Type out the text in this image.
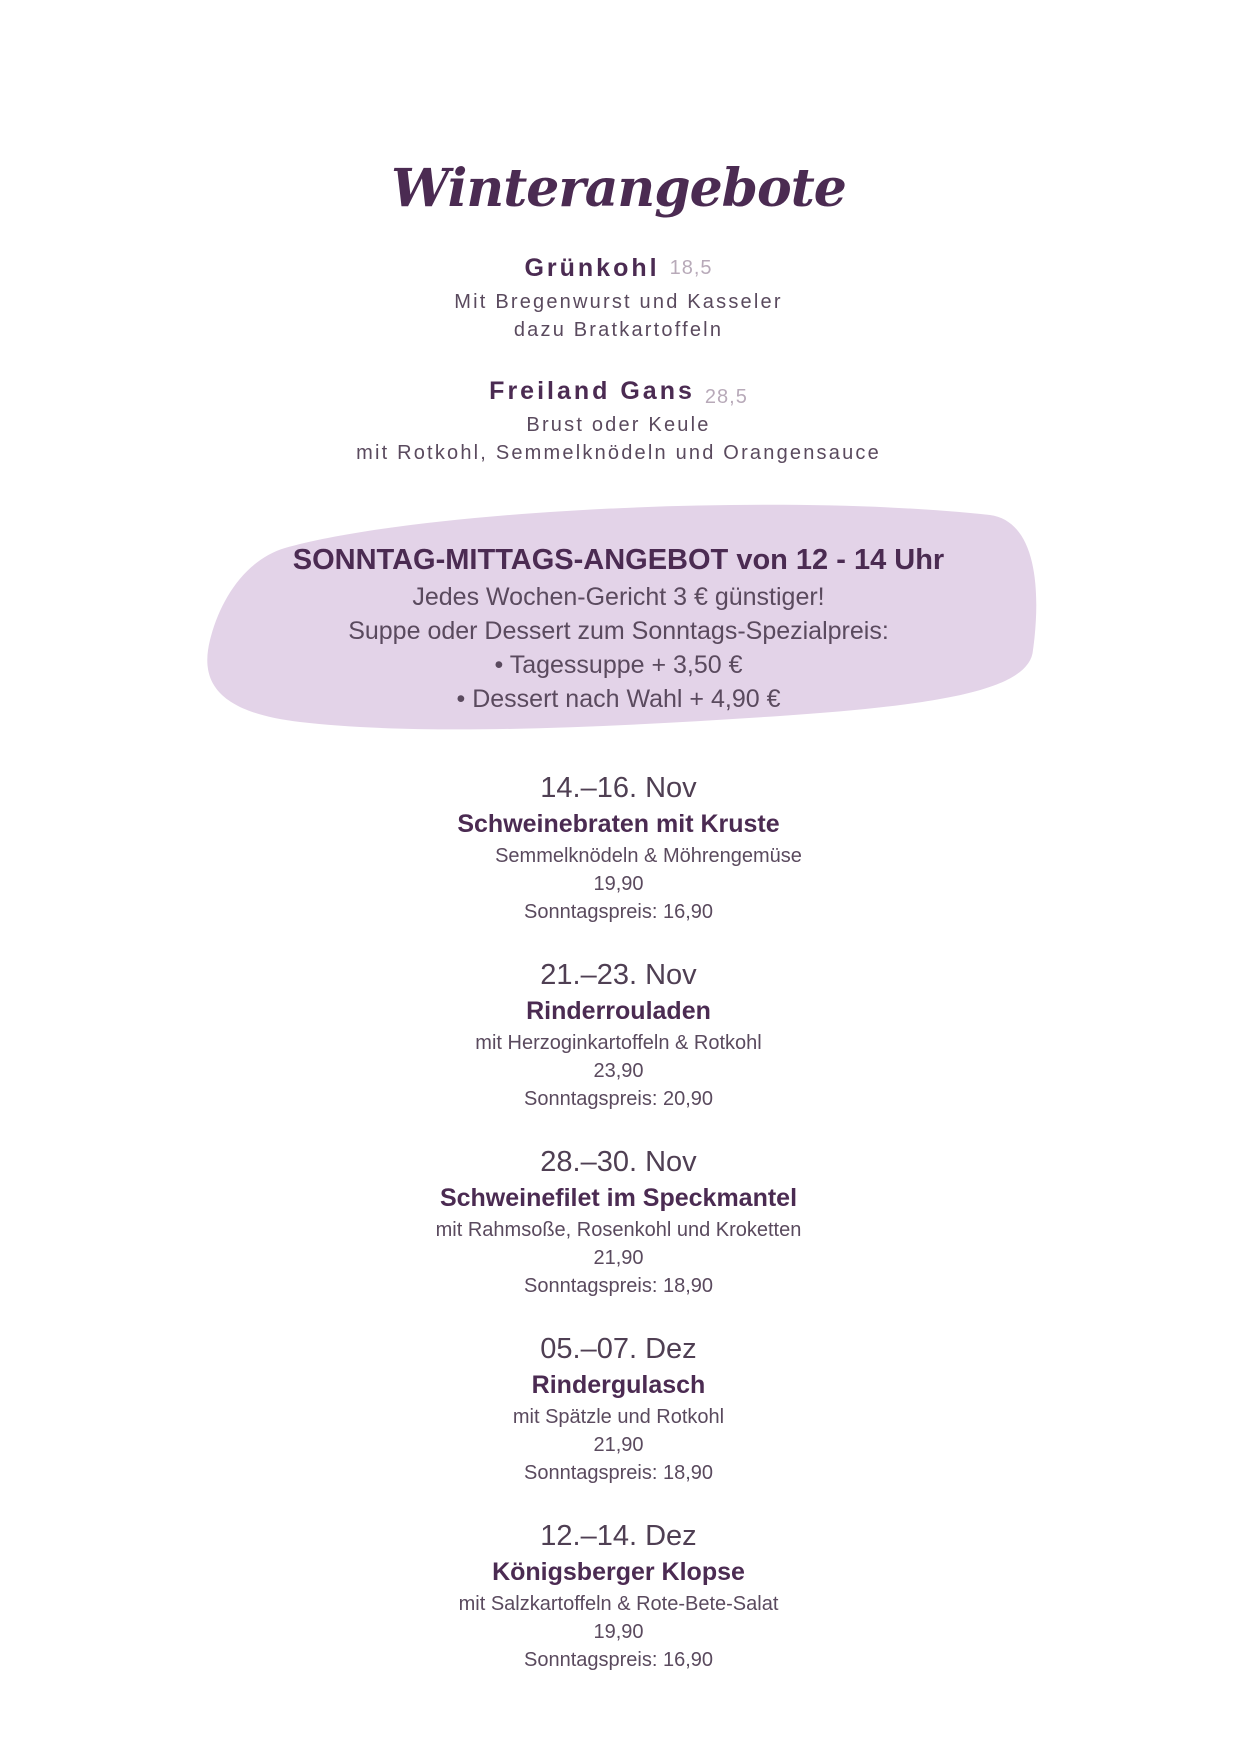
Winterangebote
Grünkohl 18,5
Mit Bregenwurst und Kasseler
dazu Bratkartoffeln
Freiland Gans 28,5
Brust oder Keule
mit Rotkohl, Semmelknödeln und Orangensauce
SONNTAG-MITTAGS-ANGEBOT von 12 - 14 Uhr
Jedes Wochen-Gericht 3 € günstiger!
Suppe oder Dessert zum Sonntags-Spezialpreis:
• Tagessuppe + 3,50 €
• Dessert nach Wahl + 4,90 €
14.–16. Nov
Schweinebraten mit Kruste
Semmelknödeln & Möhrengemüse
19,90
Sonntagspreis: 16,90
21.–23. Nov
Rinderrouladen
mit Herzoginkartoffeln & Rotkohl
23,90
Sonntagspreis: 20,90
28.–30. Nov
Schweinefilet im Speckmantel
mit Rahmsoße, Rosenkohl und Kroketten
21,90
Sonntagspreis: 18,90
05.–07. Dez
Rindergulasch
mit Spätzle und Rotkohl
21,90
Sonntagspreis: 18,90
12.–14. Dez
Königsberger Klopse
mit Salzkartoffeln & Rote-Bete-Salat
19,90
Sonntagspreis: 16,90
